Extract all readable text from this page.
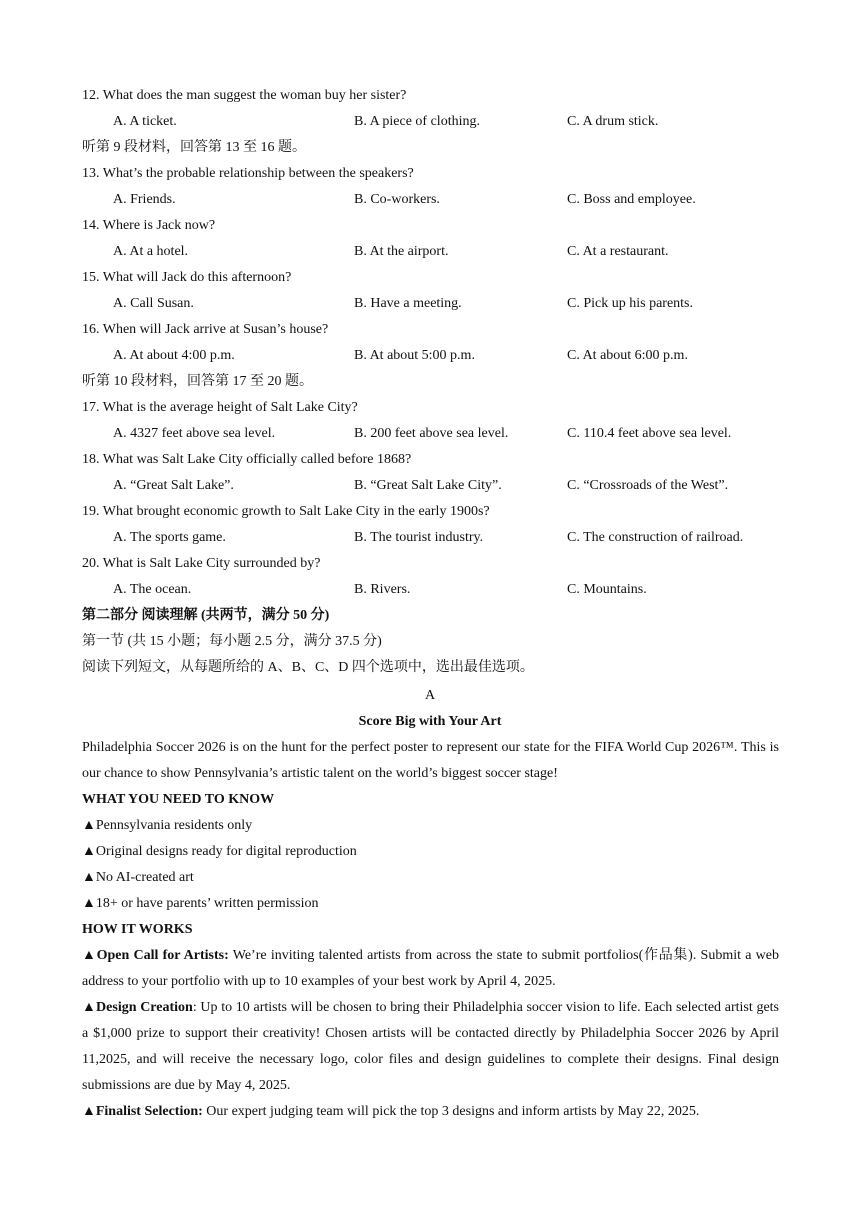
12. What does the man suggest the woman buy her sister?
A. A ticket.	B. A piece of clothing.	C. A drum stick.
听第 9 段材料，回答第 13 至 16 题。
13. What’s the probable relationship between the speakers?
A. Friends.	B. Co-workers.	C. Boss and employee.
14. Where is Jack now?
A. At a hotel.	B. At the airport.	C. At a restaurant.
15. What will Jack do this afternoon?
A. Call Susan.	B. Have a meeting.	C. Pick up his parents.
16. When will Jack arrive at Susan’s house?
A. At about 4:00 p.m.	B. At about 5:00 p.m.	C. At about 6:00 p.m.
听第 10 段材料，回答第 17 至 20 题。
17. What is the average height of Salt Lake City?
A. 4327 feet above sea level.	B. 200 feet above sea level.	C. 110.4 feet above sea level.
18. What was Salt Lake City officially called before 1868?
A. “Great Salt Lake”.	B. “Great Salt Lake City”.	C. “Crossroads of the West”.
19. What brought economic growth to Salt Lake City in the early 1900s?
A. The sports game.	B. The tourist industry.	C. The construction of railroad.
20. What is Salt Lake City surrounded by?
A. The ocean.	B. Rivers.	C. Mountains.
第二部分 阅读理解 (共两节，满分 50 分)
第一节 (共 15 小题；每小题 2.5 分，满分 37.5 分)
阅读下列短文，从每题所给的 A、B、C、D 四个选项中，选出最佳选项。
A
Score Big with Your Art
Philadelphia Soccer 2026 is on the hunt for the perfect poster to represent our state for the FIFA World Cup 2026™. This is our chance to show Pennsylvania’s artistic talent on the world’s biggest soccer stage!
WHAT YOU NEED TO KNOW
▲Pennsylvania residents only
▲Original designs ready for digital reproduction
▲No AI-created art
▲18+ or have parents’ written permission
HOW IT WORKS
▲Open Call for Artists: We’re inviting talented artists from across the state to submit portfolios(作品集). Submit a web address to your portfolio with up to 10 examples of your best work by April 4, 2025.
▲Design Creation: Up to 10 artists will be chosen to bring their Philadelphia soccer vision to life. Each selected artist gets a $1,000 prize to support their creativity! Chosen artists will be contacted directly by Philadelphia Soccer 2026 by April 11,2025, and will receive the necessary logo, color files and design guidelines to complete their designs. Final design submissions are due by May 4, 2025.
▲Finalist Selection: Our expert judging team will pick the top 3 designs and inform artists by May 22, 2025.
